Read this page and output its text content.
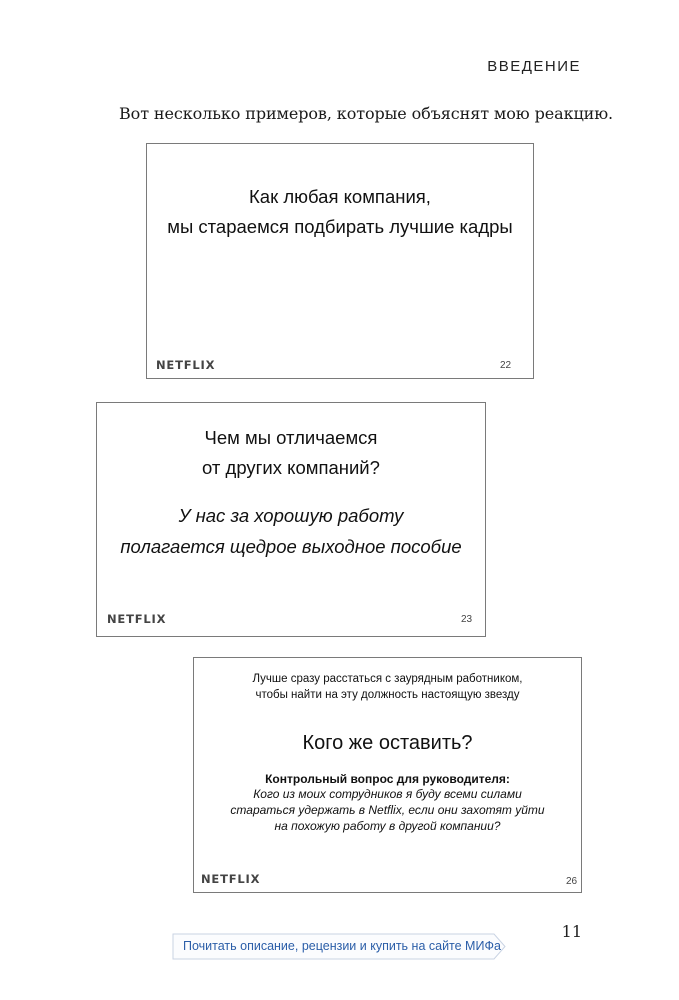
ВВЕДЕНИЕ
Вот несколько примеров, которые объяснят мою реакцию.
Как любая компания,
мы стараемся подбирать лучшие кадры
NETFLIX	22
Чем мы отличаемся
от других компаний?
У нас за хорошую работу
полагается щедрое выходное пособие
NETFLIX	23
Лучше сразу расстаться с заурядным работником,
чтобы найти на эту должность настоящую звезду
Кого же оставить?
Контрольный вопрос для руководителя:
Кого из моих сотрудников я буду всеми силами
стараться удержать в Netflix, если они захотят уйти
на похожую работу в другой компании?
NETFLIX	26
11
Почитать описание, рецензии и купить на сайте МИФа
